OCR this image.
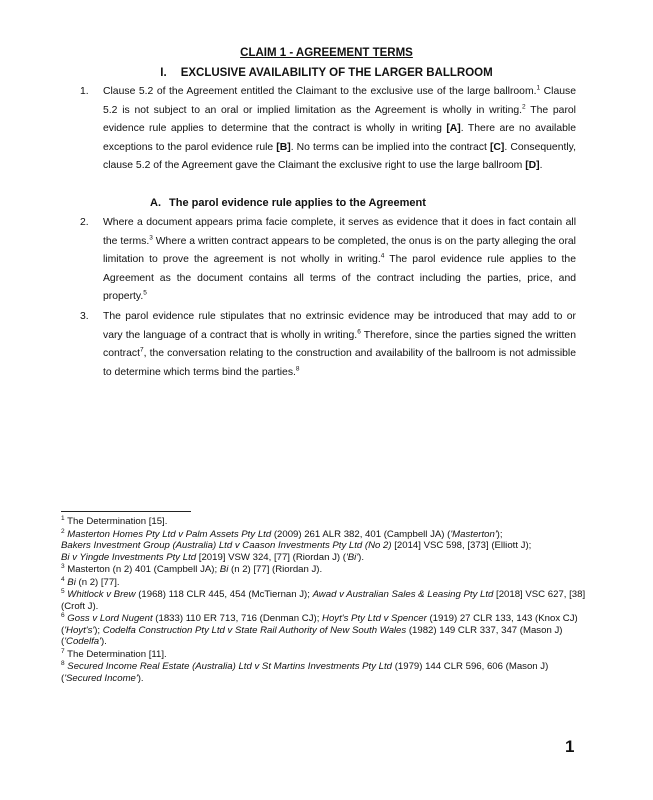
CLAIM 1 - AGREEMENT TERMS
I. EXCLUSIVE AVAILABILITY OF THE LARGER BALLROOM
1. Clause 5.2 of the Agreement entitled the Claimant to the exclusive use of the large ballroom.$^1$ Clause 5.2 is not subject to an oral or implied limitation as the Agreement is wholly in writing.$^2$ The parol evidence rule applies to determine that the contract is wholly in writing [A]. There are no available exceptions to the parol evidence rule [B]. No terms can be implied into the contract [C]. Consequently, clause 5.2 of the Agreement gave the Claimant the exclusive right to use the large ballroom [D].
A. The parol evidence rule applies to the Agreement
2. Where a document appears prima facie complete, it serves as evidence that it does in fact contain all the terms.$^3$ Where a written contract appears to be completed, the onus is on the party alleging the oral limitation to prove the agreement is not wholly in writing.$^4$ The parol evidence rule applies to the Agreement as the document contains all terms of the contract including the parties, price, and property.$^5$
3. The parol evidence rule stipulates that no extrinsic evidence may be introduced that may add to or vary the language of a contract that is wholly in writing.$^6$ Therefore, since the parties signed the written contract$^7$, the conversation relating to the construction and availability of the ballroom is not admissible to determine which terms bind the parties.$^8$
$^1$ The Determination [15].
$^2$ Masterton Homes Pty Ltd v Palm Assets Pty Ltd (2009) 261 ALR 382, 401 (Campbell JA) ('Masterton');
Bakers Investment Group (Australia) Ltd v Caason Investments Pty Ltd (No 2) [2014] VSC 598, [373] (Elliott J);
Bi v Yingde Investments Pty Ltd [2019] VSW 324, [77] (Riordan J) ('Bi').
$^3$ Masterton (n 2) 401 (Campbell JA); Bi (n 2) [77] (Riordan J).
$^4$ Bi (n 2) [77].
$^5$ Whitlock v Brew (1968) 118 CLR 445, 454 (McTiernan J); Awad v Australian Sales & Leasing Pty Ltd [2018] VSC 627, [38] (Croft J).
$^6$ Goss v Lord Nugent (1833) 110 ER 713, 716 (Denman CJ); Hoyt's Pty Ltd v Spencer (1919) 27 CLR 133, 143 (Knox CJ) ('Hoyt's'); Codelfa Construction Pty Ltd v State Rail Authority of New South Wales (1982) 149 CLR 337, 347 (Mason J) ('Codelfa').
$^7$ The Determination [11].
$^8$ Secured Income Real Estate (Australia) Ltd v St Martins Investments Pty Ltd (1979) 144 CLR 596, 606 (Mason J) ('Secured Income').
1
